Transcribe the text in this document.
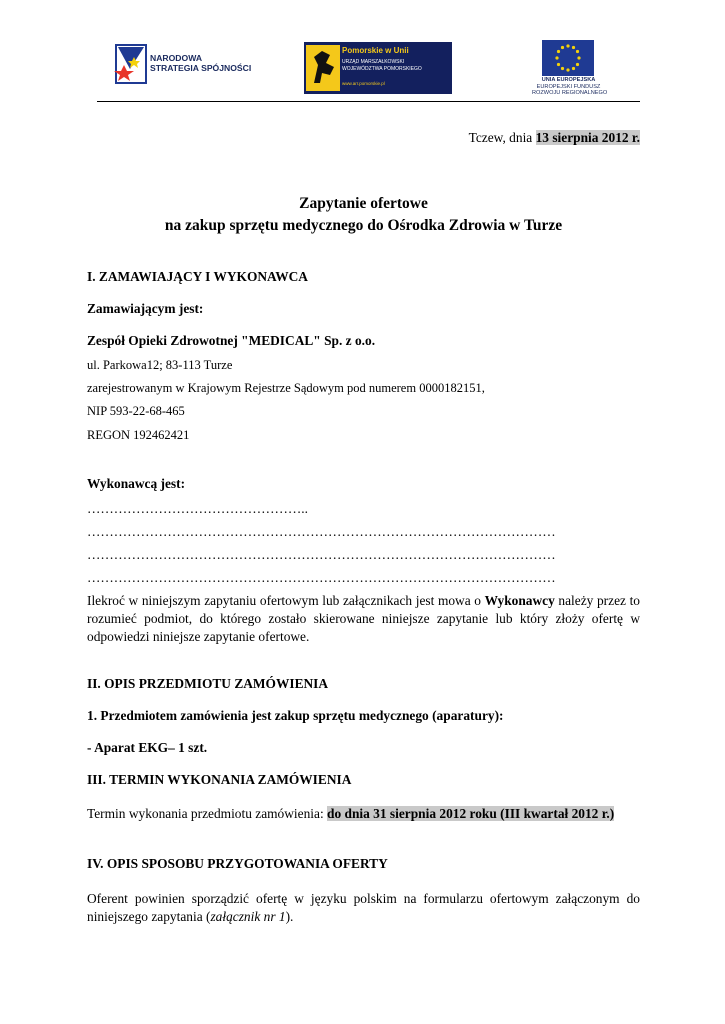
NARODOWA
STRATEGIA SPÓJNOŚCI
Pomorskie w Unii
URZĄD MARSZAŁKOWSKI
WOJEWÓDZTWA POMORSKIEGO
www.arr.pomorskie.pl
UNIA EUROPEJSKA
EUROPEJSKI FUNDUSZ
ROZWOJU REGIONALNEGO

Tczew, dnia 13 sierpnia 2012 r.

Zapytanie ofertowe

na zakup sprzętu medycznego do Ośrodka Zdrowia w Turze

I. ZAMAWIAJĄCY I WYKONAWCA

Zamawiającym jest:

Zespół Opieki Zdrowotnej "MEDICAL" Sp. z o.o.

ul. Parkowa12; 83-113 Turze

zarejestrowanym w Krajowym Rejestrze Sądowym pod numerem 0000182151,

NIP 593-22-68-465

REGON 192462421

Wykonawcą jest:

…………………………………………..

……………………………………………………………………………………………

……………………………………………………………………………………………

……………………………………………………………………………………………

Ilekroć w niniejszym zapytaniu ofertowym lub załącznikach jest mowa o Wykonawcy należy przez to rozumieć podmiot, do którego zostało skierowane niniejsze zapytanie lub który złoży ofertę w odpowiedzi niniejsze zapytanie ofertowe.

II. OPIS PRZEDMIOTU ZAMÓWIENIA

1. Przedmiotem zamówienia jest zakup sprzętu medycznego (aparatury):

- Aparat EKG– 1 szt.

III. TERMIN WYKONANIA ZAMÓWIENIA

Termin wykonania przedmiotu zamówienia: do dnia 31 sierpnia 2012 roku (III kwartał 2012 r.)

IV. OPIS SPOSOBU PRZYGOTOWANIA OFERTY

Oferent powinien sporządzić ofertę w języku polskim na formularzu ofertowym załączonym do niniejszego zapytania (załącznik nr 1).
